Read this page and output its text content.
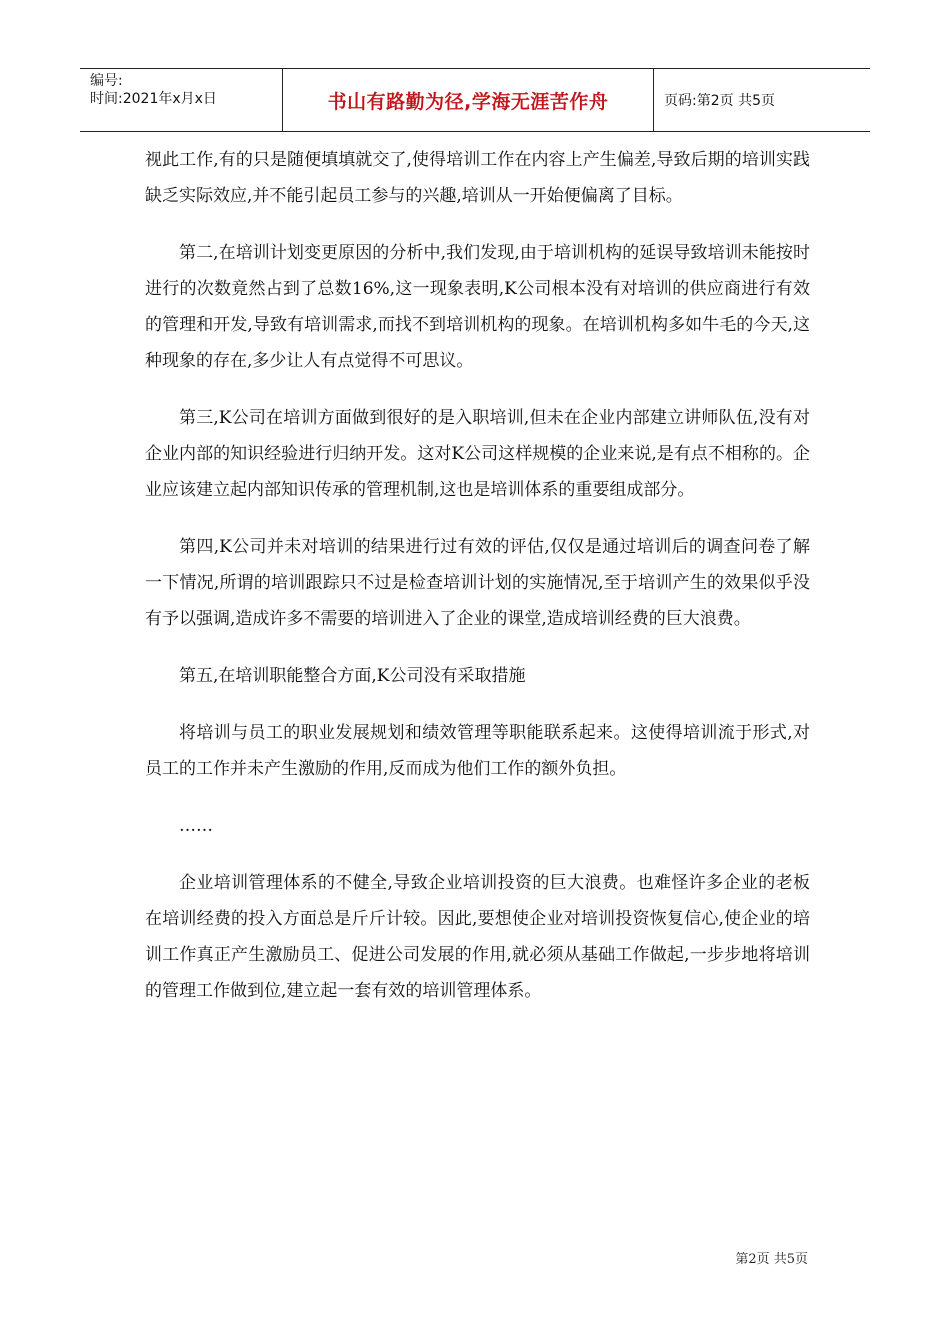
编号:
时间:2021年x月x日	书山有路勤为径,学海无涯苦作舟	页码:第2页 共5页

视此工作,有的只是随便填填就交了,使得培训工作在内容上产生偏差,导致后期的培训实践缺乏实际效应,并不能引起员工参与的兴趣,培训从一开始便偏离了目标。

第二,在培训计划变更原因的分析中,我们发现,由于培训机构的延误导致培训未能按时进行的次数竟然占到了总数16%,这一现象表明,K公司根本没有对培训的供应商进行有效的管理和开发,导致有培训需求,而找不到培训机构的现象。在培训机构多如牛毛的今天,这种现象的存在,多少让人有点觉得不可思议。

第三,K公司在培训方面做到很好的是入职培训,但未在企业内部建立讲师队伍,没有对企业内部的知识经验进行归纳开发。这对K公司这样规模的企业来说,是有点不相称的。企业应该建立起内部知识传承的管理机制,这也是培训体系的重要组成部分。

第四,K公司并未对培训的结果进行过有效的评估,仅仅是通过培训后的调查问卷了解一下情况,所谓的培训跟踪只不过是检查培训计划的实施情况,至于培训产生的效果似乎没有予以强调,造成许多不需要的培训进入了企业的课堂,造成培训经费的巨大浪费。

第五,在培训职能整合方面,K公司没有采取措施

将培训与员工的职业发展规划和绩效管理等职能联系起来。这使得培训流于形式,对员工的工作并未产生激励的作用,反而成为他们工作的额外负担。

……

企业培训管理体系的不健全,导致企业培训投资的巨大浪费。也难怪许多企业的老板在培训经费的投入方面总是斤斤计较。因此,要想使企业对培训投资恢复信心,使企业的培训工作真正产生激励员工、促进公司发展的作用,就必须从基础工作做起,一步步地将培训的管理工作做到位,建立起一套有效的培训管理体系。

第2页 共5页
